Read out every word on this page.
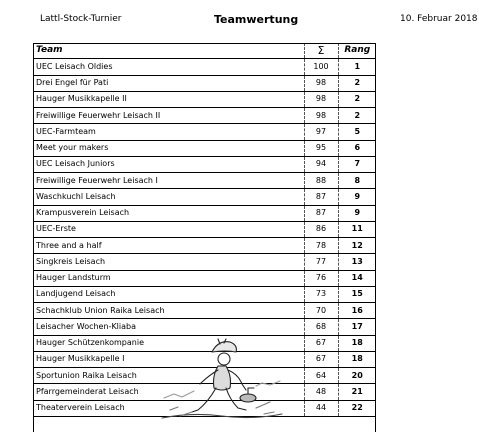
Lattl-Stock-Turnier	Teamwertung	10. Februar 2018
Team	Σ	Rang
UEC Leisach Oldies	100	1
Drei Engel für Pati	98	2
Hauger Musikkapelle II	98	2
Freiwillige Feuerwehr Leisach II	98	2
UEC-Farmteam	97	5
Meet your makers	95	6
UEC Leisach Juniors	94	7
Freiwillige Feuerwehr Leisach I	88	8
Waschkuchl Leisach	87	9
Krampusverein Leisach	87	9
UEC-Erste	86	11
Three and a half	78	12
Singkreis Leisach	77	13
Hauger Landsturm	76	14
Landjugend Leisach	73	15
Schachklub Union Raika Leisach	70	16
Leisacher Wochen-Kliaba	68	17
Hauger Schützenkompanie	67	18
Hauger Musikkapelle I	67	18
Sportunion Raika Leisach	64	20
Pfarrgemeinderat Leisach	48	21
Theaterverein Leisach	44	22
